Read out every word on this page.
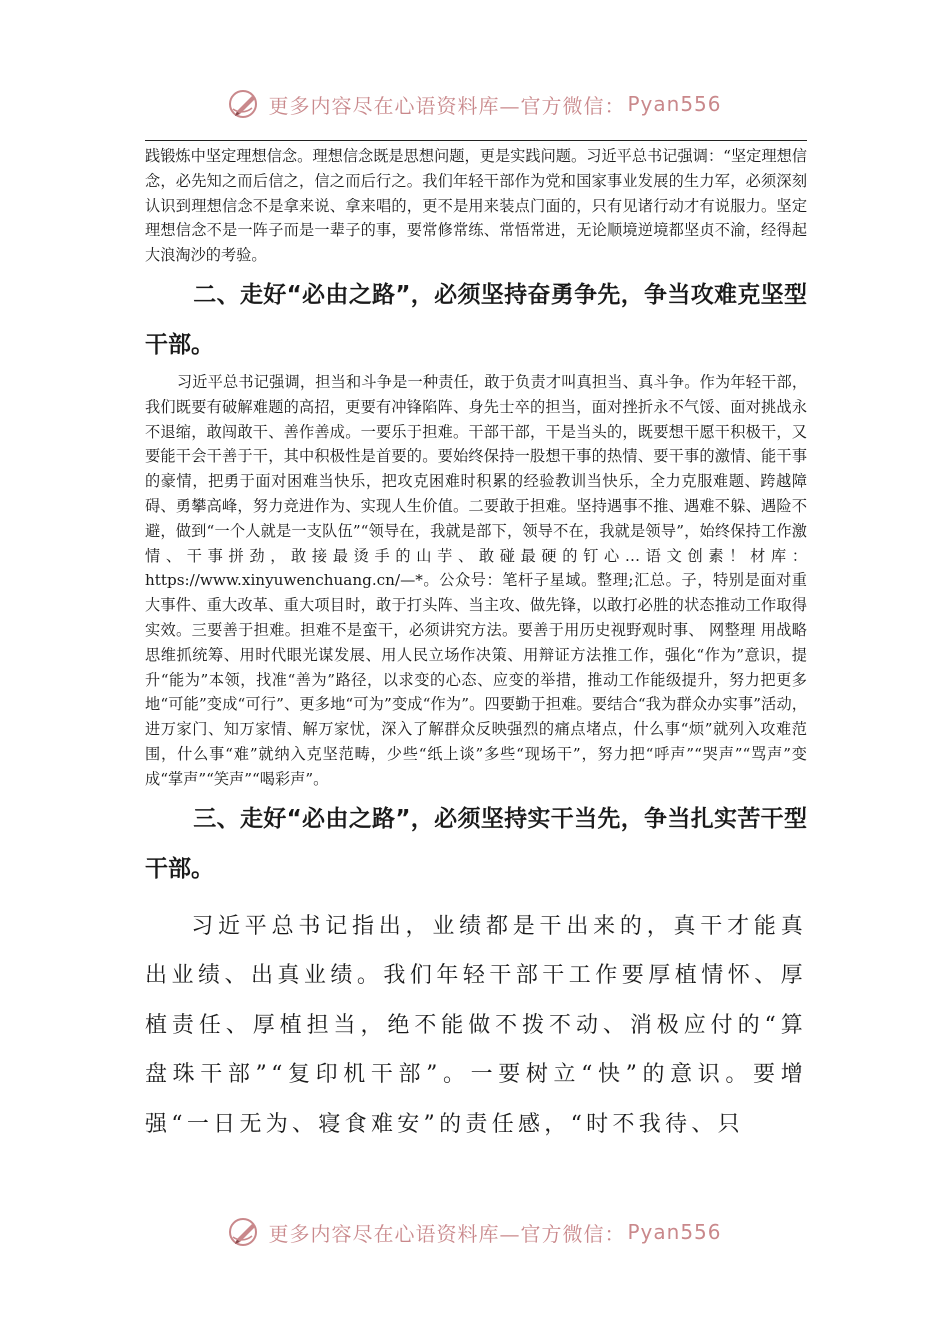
更多内容尽在心语资料库—官方微信： Pyan556

践锻炼中坚定理想信念。理想信念既是思想问题，更是实践问题。习近平总书记强调：“坚定理想信念，必先知之而后信之，信之而后行之。我们年轻干部作为党和国家事业发展的生力军，必须深刻认识到理想信念不是拿来说、拿来唱的，更不是用来装点门面的，只有见诸行动才有说服力。坚定理想信念不是一阵子而是一辈子的事，要常修常练、常悟常进，无论顺境逆境都坚贞不渝，经得起大浪淘沙的考验。

二、走好“必由之路”，必须坚持奋勇争先，争当攻难克坚型干部。

习近平总书记强调，担当和斗争是一种责任，敢于负责才叫真担当、真斗争。作为年轻干部，我们既要有破解难题的高招，更要有冲锋陷阵、身先士卒的担当，面对挫折永不气馁、面对挑战永不退缩，敢闯敢干、善作善成。一要乐于担难。干部干部，干是当头的，既要想干愿干积极干，又要能干会干善于干，其中积极性是首要的。要始终保持一股想干事的热情、要干事的激情、能干事的豪情，把勇于面对困难当快乐，把攻克困难时积累的经验教训当快乐，全力克服难题、跨越障碍、勇攀高峰，努力竞进作为、实现人生价值。二要敢于担难。坚持遇事不推、遇难不躲、遇险不避，做到“一个人就是一支队伍”“领导在，我就是部下，领导不在，我就是领导”，始终保持工作激情、干事拼劲，敢接最烫手的山芋、敢碰最硬的钉心…语文创素！材库：https://www.xinyuwenchuang.cn/—*。公众号：笔杆子星域。整理;汇总。子，特别是面对重大事件、重大改革、重大项目时，敢于打头阵、当主攻、做先锋，以敢打必胜的状态推动工作取得实效。三要善于担难。担难不是蛮干，必须讲究方法。要善于用历史视野观时事、 网整理 用战略思维抓统筹、用时代眼光谋发展、用人民立场作决策、用辩证方法推工作，强化“作为”意识，提升“能为”本领，找准“善为”路径，以求变的心态、应变的举措，推动工作能级提升，努力把更多地“可能”变成“可行”、更多地“可为”变成“作为”。四要勤于担难。要结合“我为群众办实事”活动，进万家门、知万家情、解万家忧，深入了解群众反映强烈的痛点堵点，什么事“烦”就列入攻难范围，什么事“难”就纳入克坚范畴，少些“纸上谈”多些“现场干”，努力把“呼声”“哭声”“骂声”变成“掌声”“笑声”“喝彩声”。

三、走好“必由之路”，必须坚持实干当先，争当扎实苦干型干部。

习近平总书记指出，业绩都是干出来的，真干才能真出业绩、出真业绩。我们年轻干部干工作要厚植情怀、厚植责任、厚植担当，绝不能做不拨不动、消极应付的“算盘珠干部”“复印机干部”。一要树立“快”的意识。要增强“一日无为、寝食难安”的责任感，“时不我待、只

更多内容尽在心语资料库—官方微信： Pyan556
